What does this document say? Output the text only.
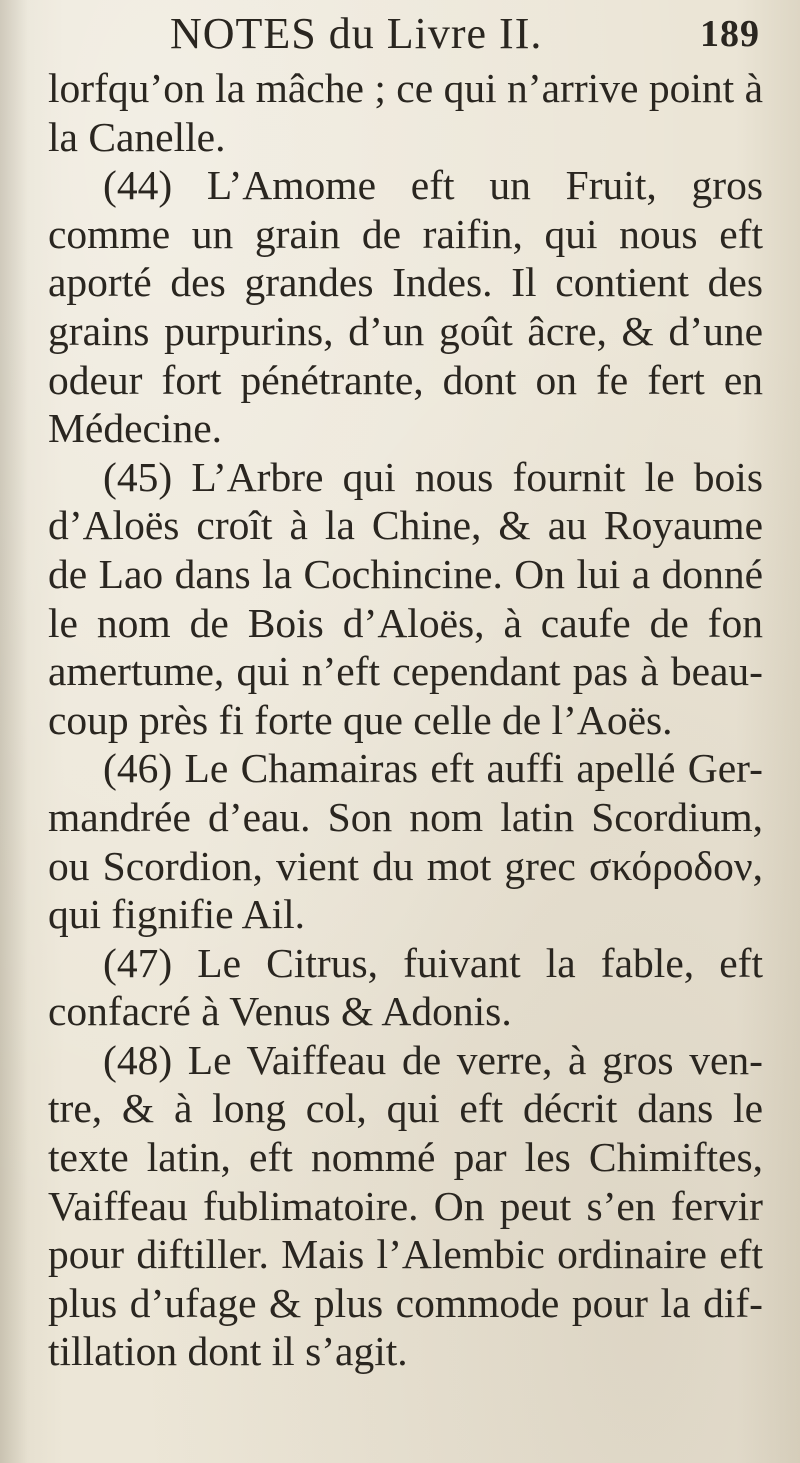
NOTES du Livre II.	189

lorfqu’on la mâche ; ce qui n’arrive point à la Canelle.

(44) L’Amome eft un Fruit, gros comme un grain de raifin, qui nous eft aporté des grandes Indes. Il contient des grains purpurins, d’un goût âcre, & d’une odeur fort pénétrante, dont on fe fert en Médecine.

(45) L’Arbre qui nous fournit le bois d’Aloës croît à la Chine, & au Royaume de Lao dans la Cochincine. On lui a donné le nom de Bois d’Aloës, à caufe de fon amertume, qui n’eft cependant pas à beau-coup près fi forte que celle de l’Aoës.

(46) Le Chamairas eft auffi apellé Ger-mandrée d’eau. Son nom latin Scordium, ou Scordion, vient du mot grec σκόροδον, qui fignifie Ail.

(47) Le Citrus, fuivant la fable, eft confacré à Venus & Adonis.

(48) Le Vaiffeau de verre, à gros ven-tre, & à long col, qui eft décrit dans le texte latin, eft nommé par les Chimiftes, Vaiffeau fublimatoire. On peut s’en fervir pour diftiller. Mais l’Alembic ordinaire eft plus d’ufage & plus commode pour la dif-tillation dont il s’agit.
